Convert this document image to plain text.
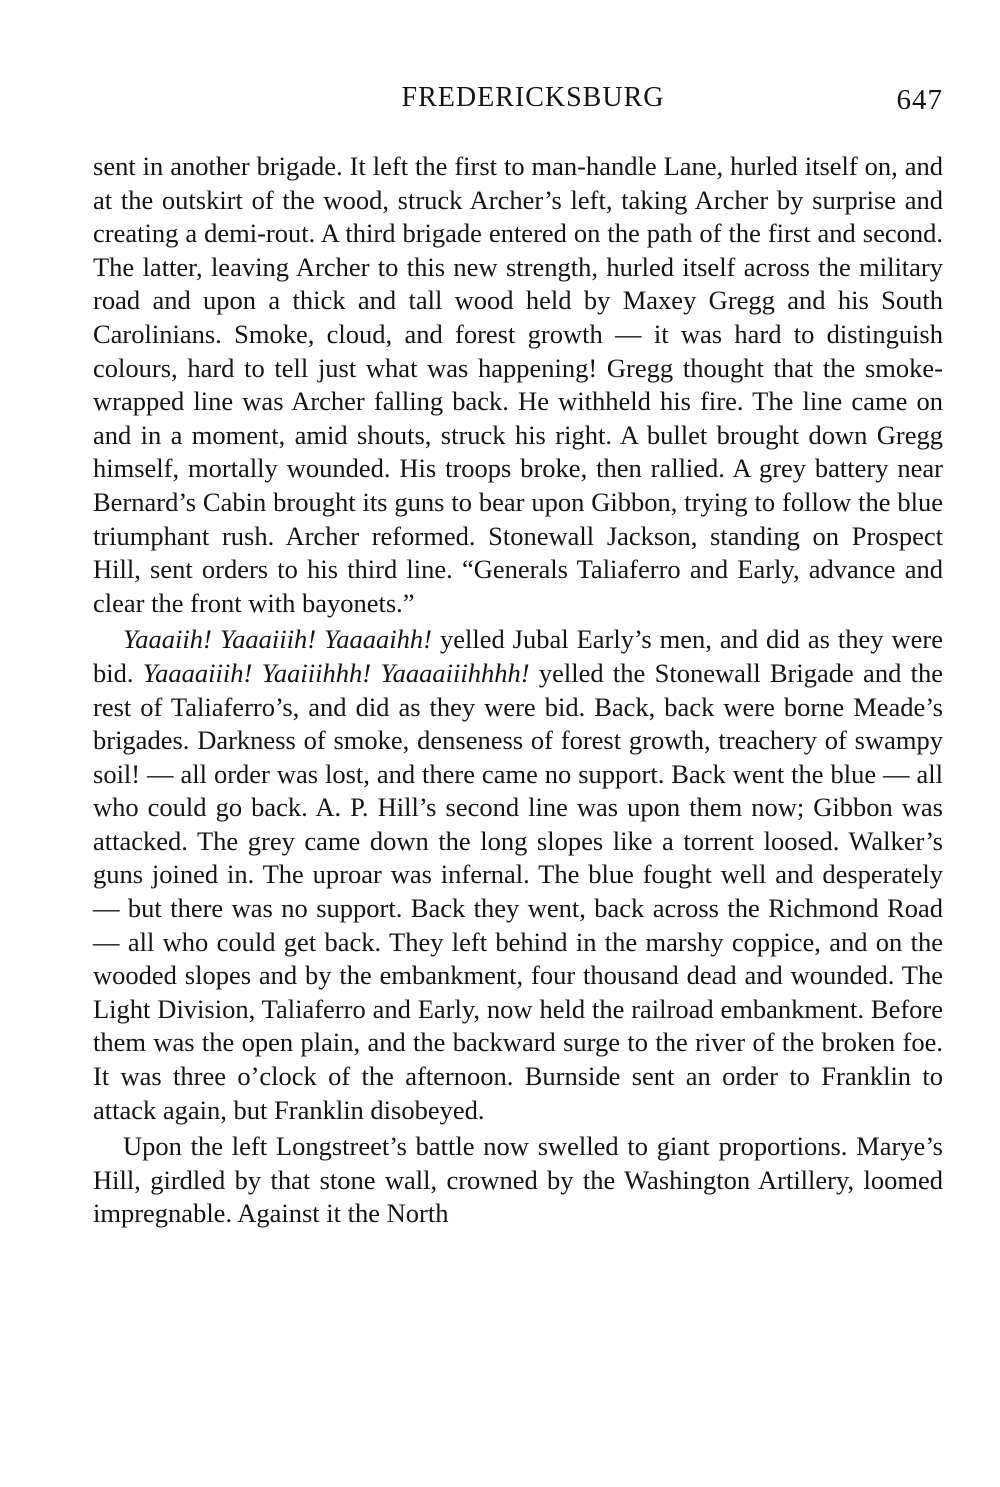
FREDERICKSBURG	647

sent in another brigade. It left the first to man-handle Lane, hurled itself on, and at the outskirt of the wood, struck Archer’s left, taking Archer by surprise and creating a demi-rout. A third brigade entered on the path of the first and second. The latter, leaving Archer to this new strength, hurled itself across the military road and upon a thick and tall wood held by Maxey Gregg and his South Carolinians. Smoke, cloud, and forest growth — it was hard to distinguish colours, hard to tell just what was happening! Gregg thought that the smoke-wrapped line was Archer falling back. He withheld his fire. The line came on and in a moment, amid shouts, struck his right. A bullet brought down Gregg himself, mortally wounded. His troops broke, then rallied. A grey battery near Bernard’s Cabin brought its guns to bear upon Gibbon, trying to follow the blue triumphant rush. Archer reformed. Stonewall Jackson, standing on Prospect Hill, sent orders to his third line. “Generals Taliaferro and Early, advance and clear the front with bayonets.”

Yaaaiih! Yaaaiiih! Yaaaaihh! yelled Jubal Early’s men, and did as they were bid. Yaaaaiiih! Yaaiiihhh! Yaaaaiiihhhh! yelled the Stonewall Brigade and the rest of Taliaferro’s, and did as they were bid. Back, back were borne Meade’s brigades. Darkness of smoke, denseness of forest growth, treachery of swampy soil! — all order was lost, and there came no support. Back went the blue — all who could go back. A. P. Hill’s second line was upon them now; Gibbon was attacked. The grey came down the long slopes like a torrent loosed. Walker’s guns joined in. The uproar was infernal. The blue fought well and desperately — but there was no support. Back they went, back across the Richmond Road — all who could get back. They left behind in the marshy coppice, and on the wooded slopes and by the embankment, four thousand dead and wounded. The Light Division, Taliaferro and Early, now held the railroad embankment. Before them was the open plain, and the backward surge to the river of the broken foe. It was three o’clock of the afternoon. Burnside sent an order to Franklin to attack again, but Franklin disobeyed.

Upon the left Longstreet’s battle now swelled to giant proportions. Marye’s Hill, girdled by that stone wall, crowned by the Washington Artillery, loomed impregnable. Against it the North
